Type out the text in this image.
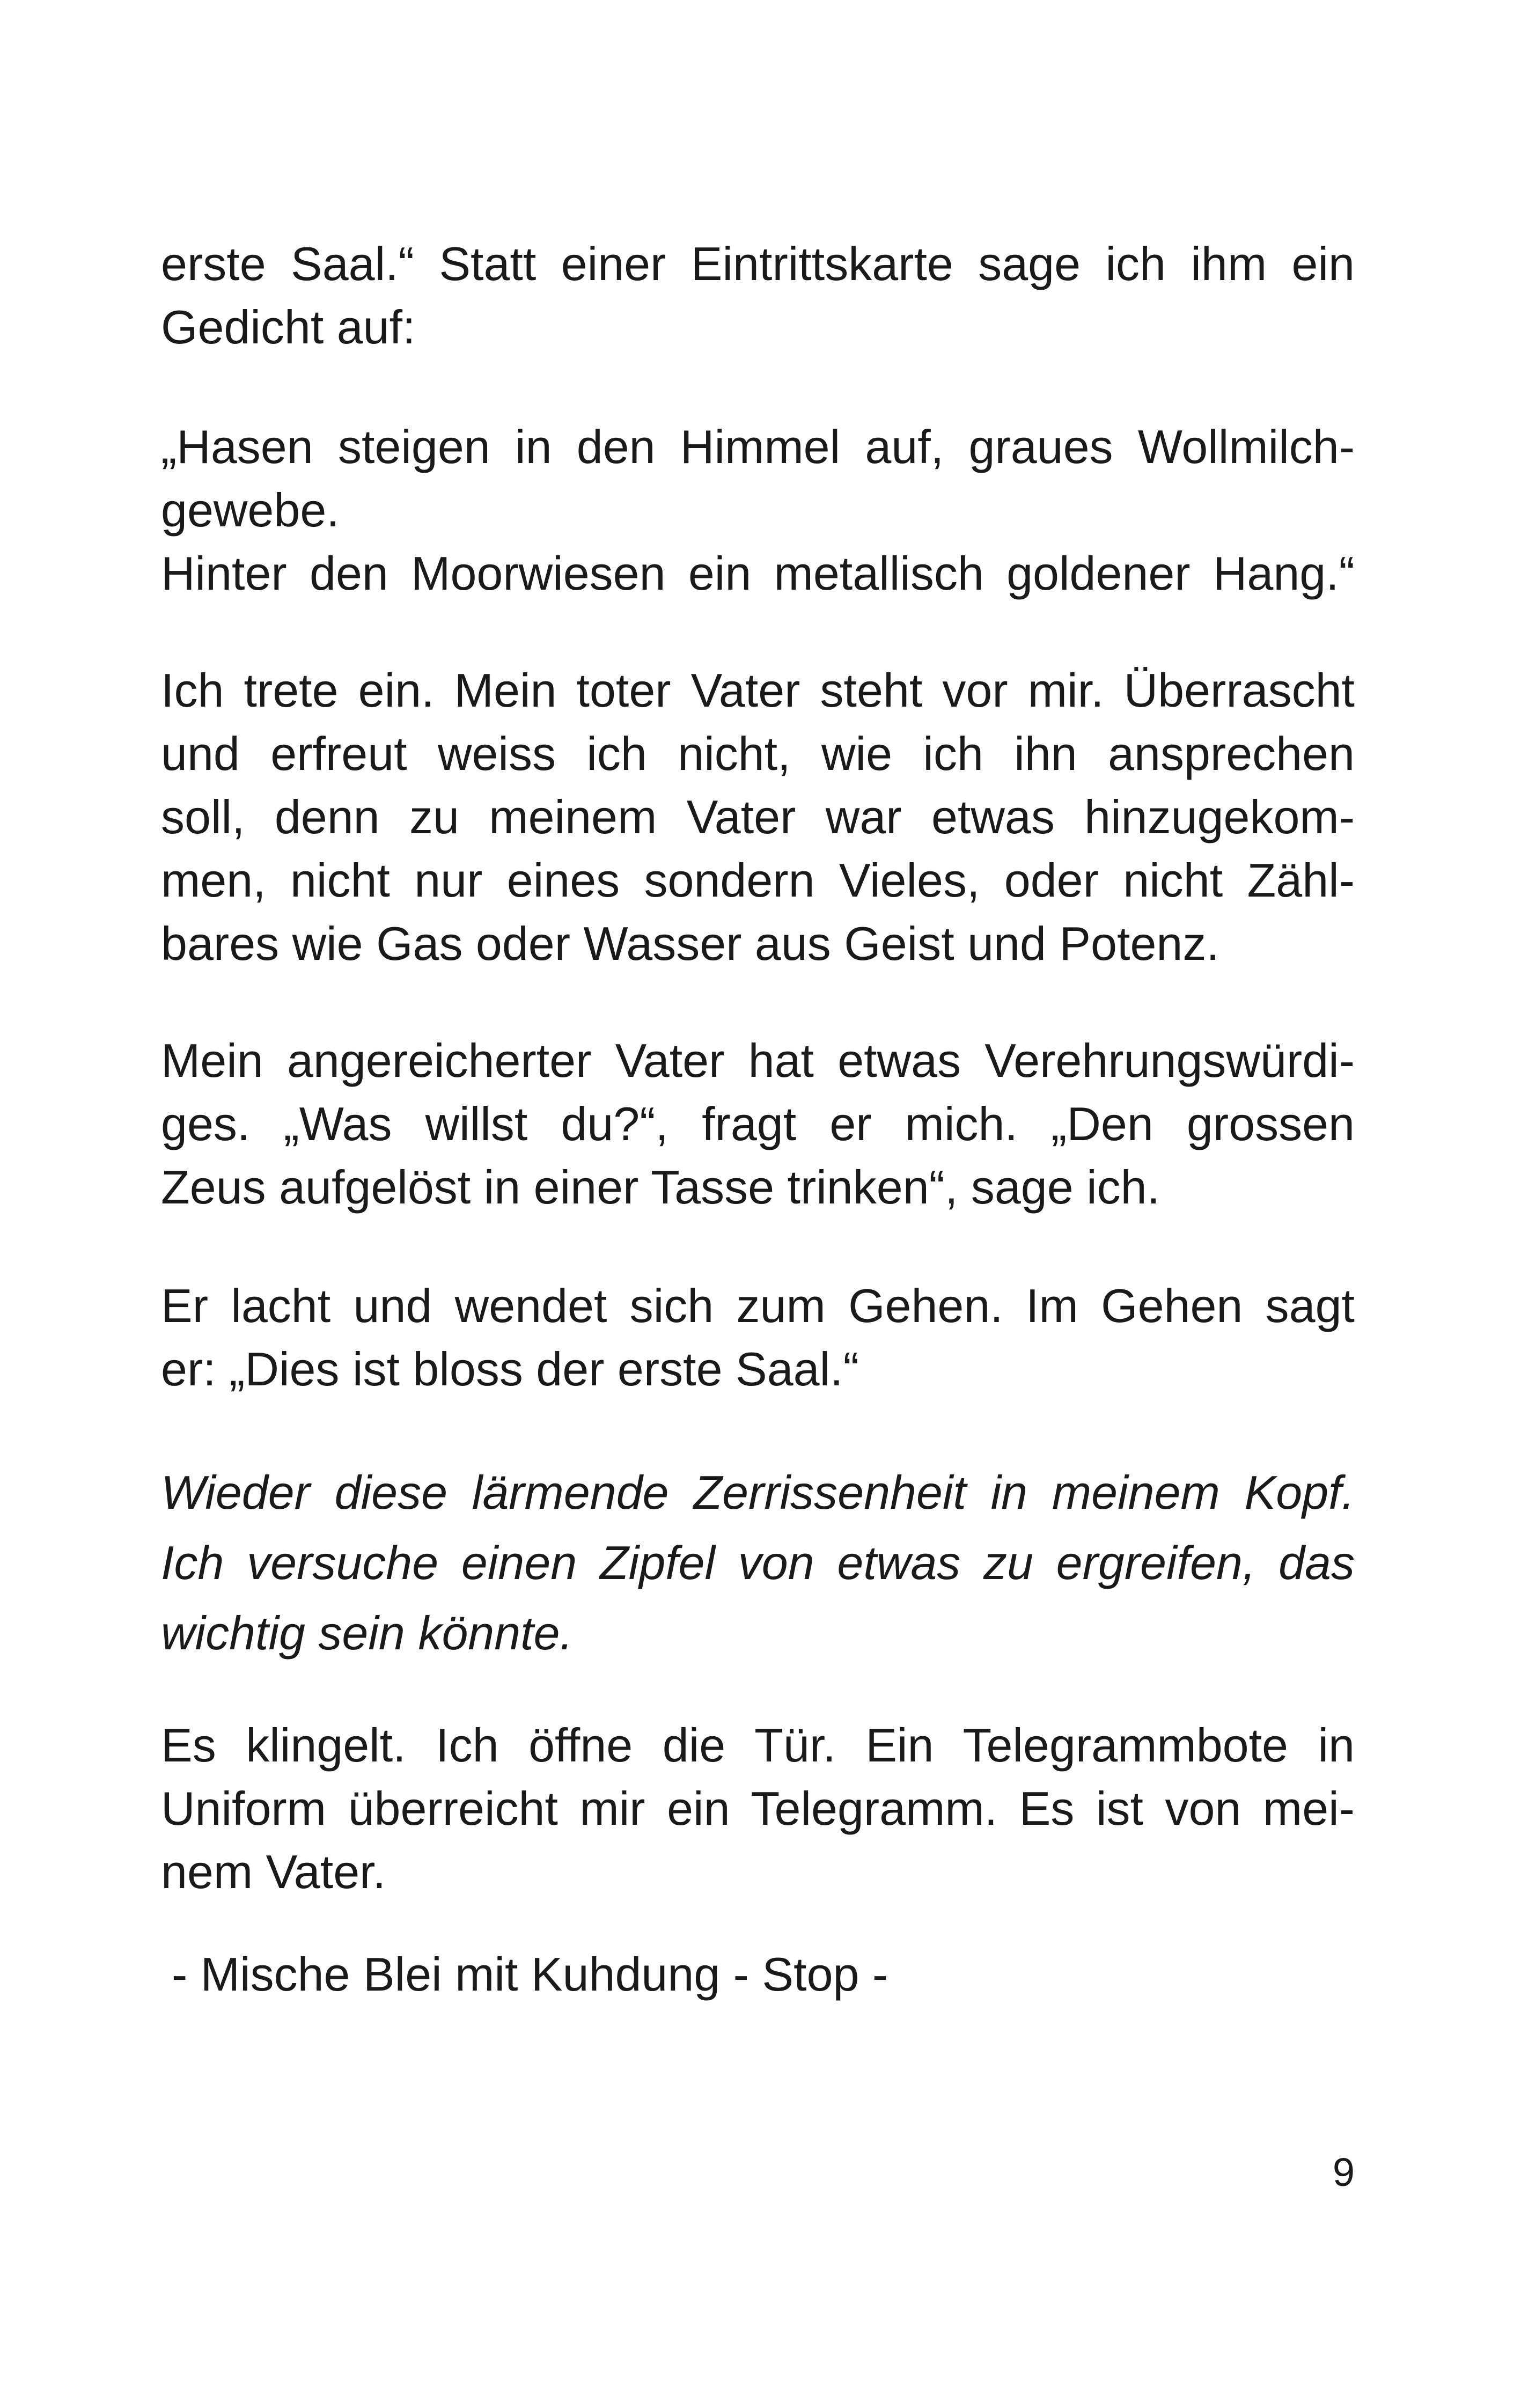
erste Saal.“ Statt einer Eintrittskarte sage ich ihm ein
Gedicht auf:
„Hasen steigen in den Himmel auf, graues Wollmilch-
gewebe.
Hinter den Moorwiesen ein metallisch goldener Hang.“
Ich trete ein. Mein toter Vater steht vor mir. Überrascht
und erfreut weiss ich nicht, wie ich ihn ansprechen
soll, denn zu meinem Vater war etwas hinzugekom-
men, nicht nur eines sondern Vieles, oder nicht Zähl-
bares wie Gas oder Wasser aus Geist und Potenz.
Mein angereicherter Vater hat etwas Verehrungswürdi-
ges. „Was willst du?“, fragt er mich. „Den grossen
Zeus aufgelöst in einer Tasse trinken“, sage ich.
Er lacht und wendet sich zum Gehen. Im Gehen sagt
er: „Dies ist bloss der erste Saal.“
Wieder diese lärmende Zerrissenheit in meinem Kopf.
Ich versuche einen Zipfel von etwas zu ergreifen, das
wichtig sein könnte.
Es klingelt. Ich öffne die Tür. Ein Telegrammbote in
Uniform überreicht mir ein Telegramm. Es ist von mei-
nem Vater.
- Mische Blei mit Kuhdung - Stop -
9
